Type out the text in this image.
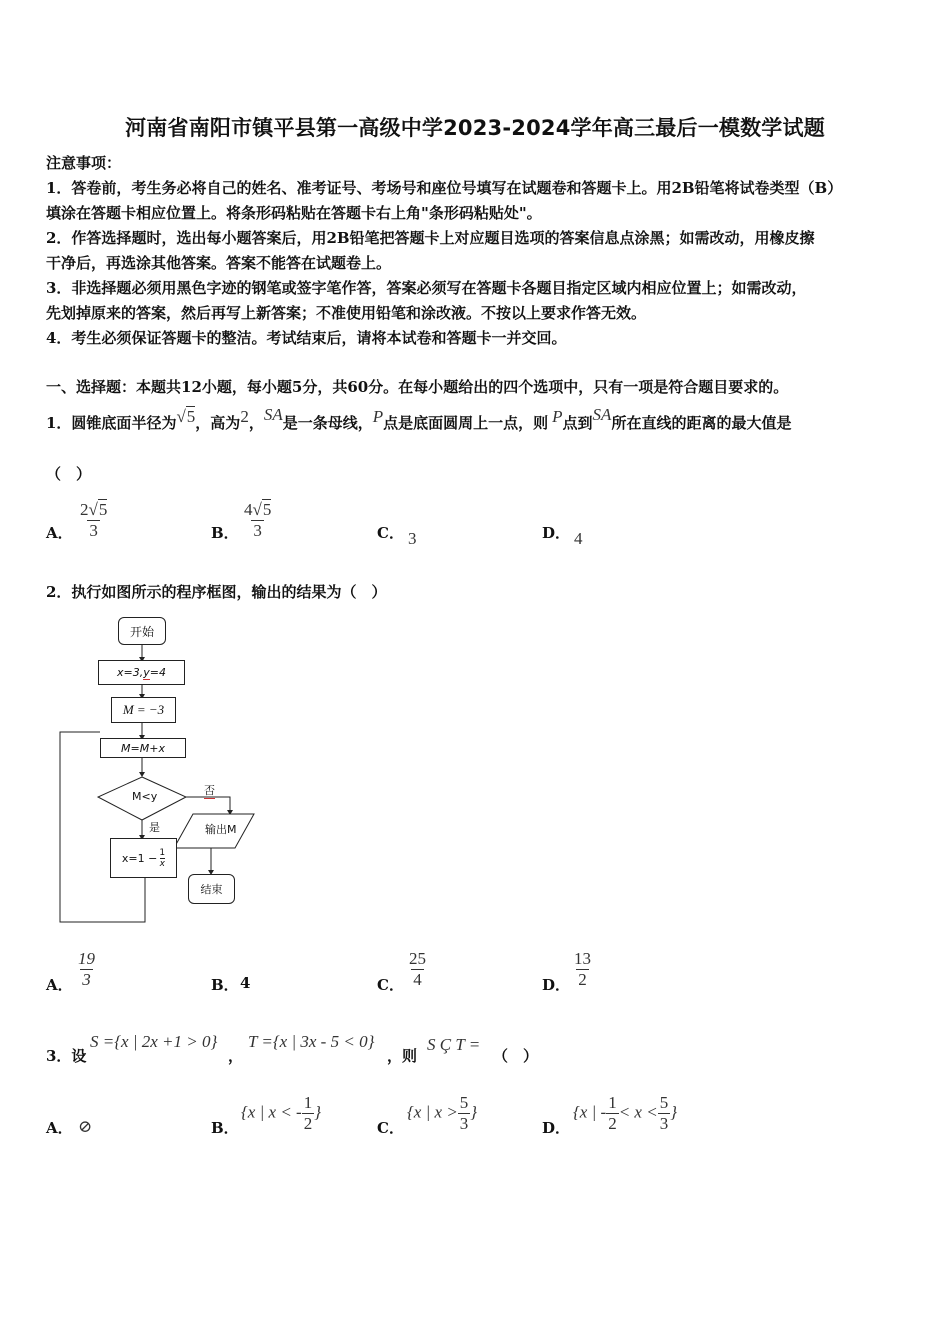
河南省南阳市镇平县第一高级中学2023-2024学年高三最后一模数学试题
注意事项：
1．答卷前，考生务必将自己的姓名、准考证号、考场号和座位号填写在试题卷和答题卡上。用2B铅笔将试卷类型（B）
填涂在答题卡相应位置上。将条形码粘贴在答题卡右上角"条形码粘贴处"。
2．作答选择题时，选出每小题答案后，用2B铅笔把答题卡上对应题目选项的答案信息点涂黑；如需改动，用橡皮擦
干净后，再选涂其他答案。答案不能答在试题卷上。
3．非选择题必须用黑色字迹的钢笔或签字笔作答，答案必须写在答题卡各题目指定区域内相应位置上；如需改动，
先划掉原来的答案，然后再写上新答案；不准使用铅笔和涂改液。不按以上要求作答无效。
4．考生必须保证答题卡的整洁。考试结束后，请将本试卷和答题卡一并交回。
一、选择题：本题共12小题，每小题5分，共60分。在每小题给出的四个选项中，只有一项是符合题目要求的。
1．圆锥底面半径为√5，高为2，SA是一条母线，P点是底面圆周上一点，则 P点到SA所在直线的距离的最大值是
（　）
A． $\frac{2√5}{3}$	B． $\frac{4√5}{3}$	C． 3	D． 4
2．执行如图所示的程序框图，输出的结果为（　）
开始
x=3, y =4
M = −3
M=M+x
M<y	否
是	输出M
$x=1 - \frac{1}{x}$
结束
A． $\frac{19}{3}$	B． 4	C． $\frac{25}{4}$	D． $\frac{13}{2}$
3．设
S ={x | 2x +1 > 0}
，
T ={x | 3x - 5 < 0}
，则
S Ç T =
（　）
A． ⊘	B．
{x | x < - $\frac{1}{2}$ }
C．
{x | $x > \frac{5}{3}$ }
D．
{x | - $\frac{1}{2} < x < \frac{5}{3}$ }
